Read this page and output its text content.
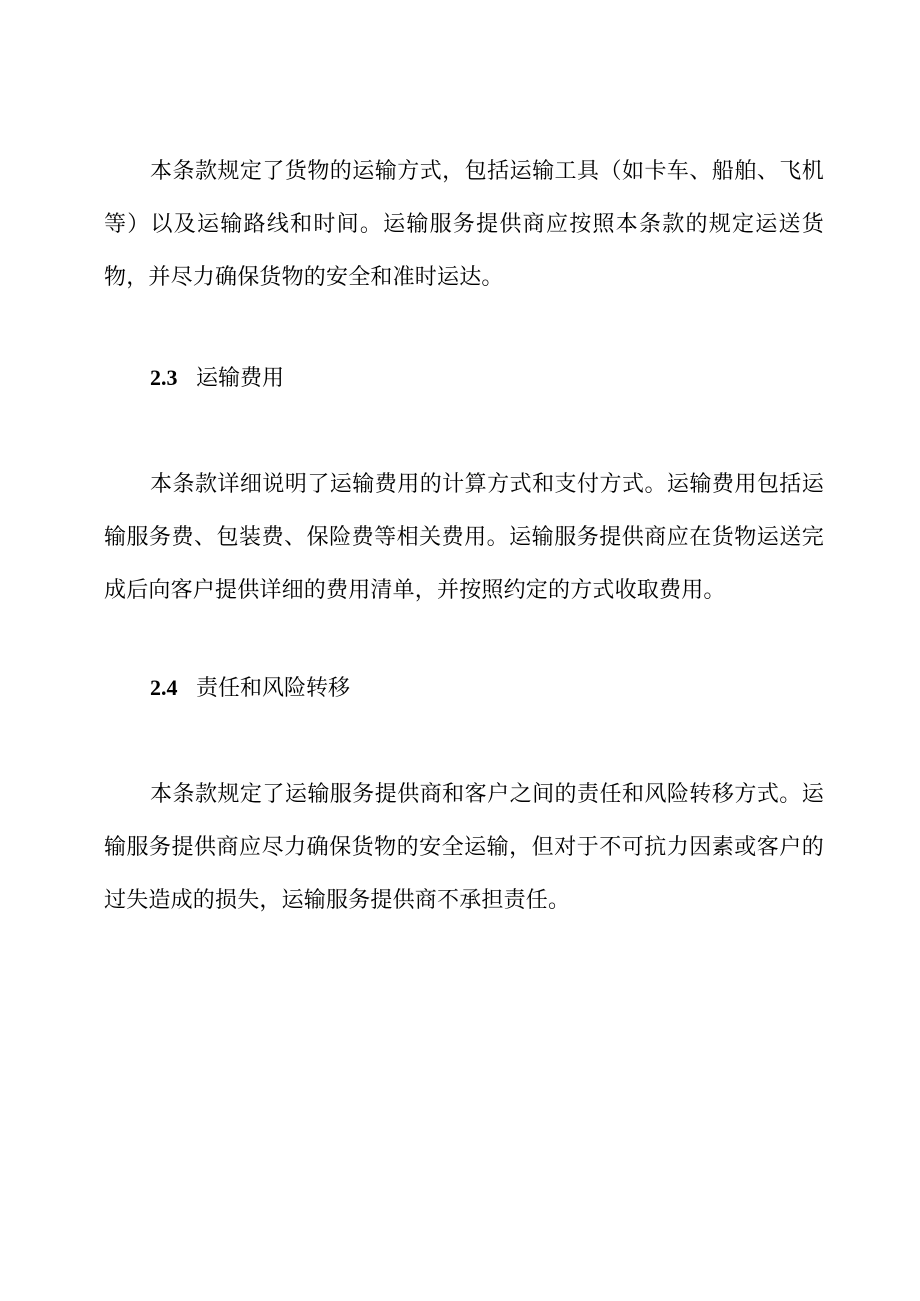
本条款规定了货物的运输方式，包括运输工具（如卡车、船舶、飞机等）以及运输路线和时间。运输服务提供商应按照本条款的规定运送货物，并尽力确保货物的安全和准时运达。

2.3 运输费用

本条款详细说明了运输费用的计算方式和支付方式。运输费用包括运输服务费、包装费、保险费等相关费用。运输服务提供商应在货物运送完成后向客户提供详细的费用清单，并按照约定的方式收取费用。

2.4 责任和风险转移

本条款规定了运输服务提供商和客户之间的责任和风险转移方式。运输服务提供商应尽力确保货物的安全运输，但对于不可抗力因素或客户的过失造成的损失，运输服务提供商不承担责任。
